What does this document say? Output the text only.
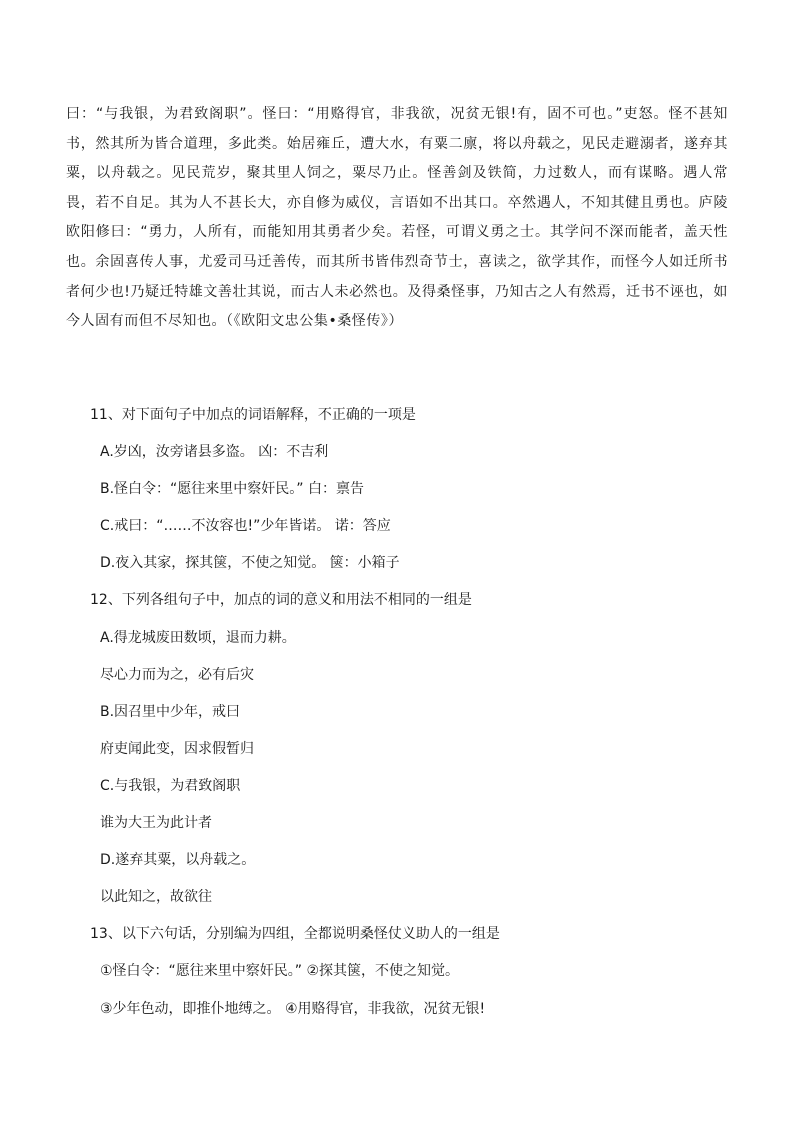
曰：“与我银，为君致阁职”。怪曰：“用赂得官，非我欲，况贫无银!有，固不可也。”吏怒。怪不甚知书，然其所为皆合道理，多此类。始居雍丘，遭大水，有粟二廪，将以舟载之，见民走避溺者，遂弃其粟，以舟载之。见民荒岁，聚其里人饲之，粟尽乃止。怪善剑及铁简，力过数人，而有谋略。遇人常畏，若不自足。其为人不甚长大，亦自修为威仪，言语如不出其口。卒然遇人，不知其健且勇也。庐陵欧阳修曰：“勇力，人所有，而能知用其勇者少矣。若怪，可谓义勇之士。其学问不深而能者，盖天性也。余固喜传人事，尤爱司马迁善传，而其所书皆伟烈奇节士，喜读之，欲学其作，而怪今人如迁所书者何少也!乃疑迁特雄文善壮其说，而古人未必然也。及得桑怪事，乃知古之人有然焉，迁书不诬也，如今人固有而但不尽知也。（《欧阳文忠公集•桑怪传》）

11、对下面句子中加点的词语解释，不正确的一项是
A.岁凶，汝旁诸县多盗。 凶：不吉利
B.怪白令：“愿往来里中察奸民。” 白：禀告
C.戒曰：“……不汝容也!”少年皆诺。 诺：答应
D.夜入其家，探其箧，不使之知觉。 箧：小箱子
12、下列各组句子中，加点的词的意义和用法不相同的一组是
A.得龙城废田数顷，退而力耕。
尽心力而为之，必有后灾
B.因召里中少年，戒曰
府吏闻此变，因求假暂归
C.与我银，为君致阁职
谁为大王为此计者
D.遂弃其粟，以舟载之。
以此知之，故欲往
13、以下六句话，分别编为四组，全都说明桑怪仗义助人的一组是
①怪白令：“愿往来里中察奸民。” ②探其箧，不使之知觉。
③少年色动，即推仆地缚之。 ④用赂得官，非我欲，况贫无银!
